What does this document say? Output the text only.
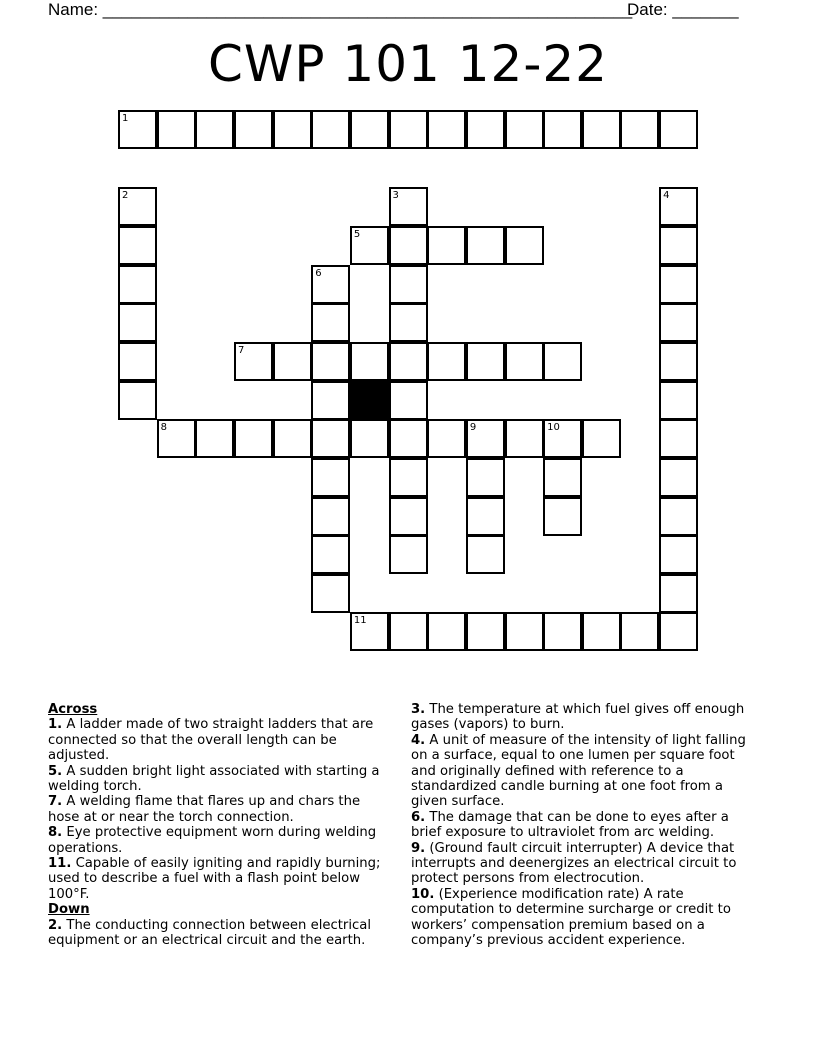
Name: ________________________________________________________
Date: _______
CWP 101 12-22
1
5
7
8	9	10
11
2	3	4
6
Across
1. A ladder made of two straight ladders that are connected so that the overall length can be adjusted.
5. A sudden bright light associated with starting a welding torch.
7. A welding flame that flares up and chars the hose at or near the torch connection.
8. Eye protective equipment worn during welding operations.
11. Capable of easily igniting and rapidly burning; used to describe a fuel with a flash point below 100°F.
Down
2. The conducting connection between electrical equipment or an electrical circuit and the earth.
3. The temperature at which fuel gives off enough gases (vapors) to burn.
4. A unit of measure of the intensity of light falling on a surface, equal to one lumen per square foot and originally defined with reference to a standardized candle burning at one foot from a given surface.
6. The damage that can be done to eyes after a brief exposure to ultraviolet from arc welding.
9. (Ground fault circuit interrupter) A device that interrupts and deenergizes an electrical circuit to protect persons from electrocution.
10. (Experience modification rate) A rate computation to determine surcharge or credit to workers’ compensation premium based on a company’s previous accident experience.
